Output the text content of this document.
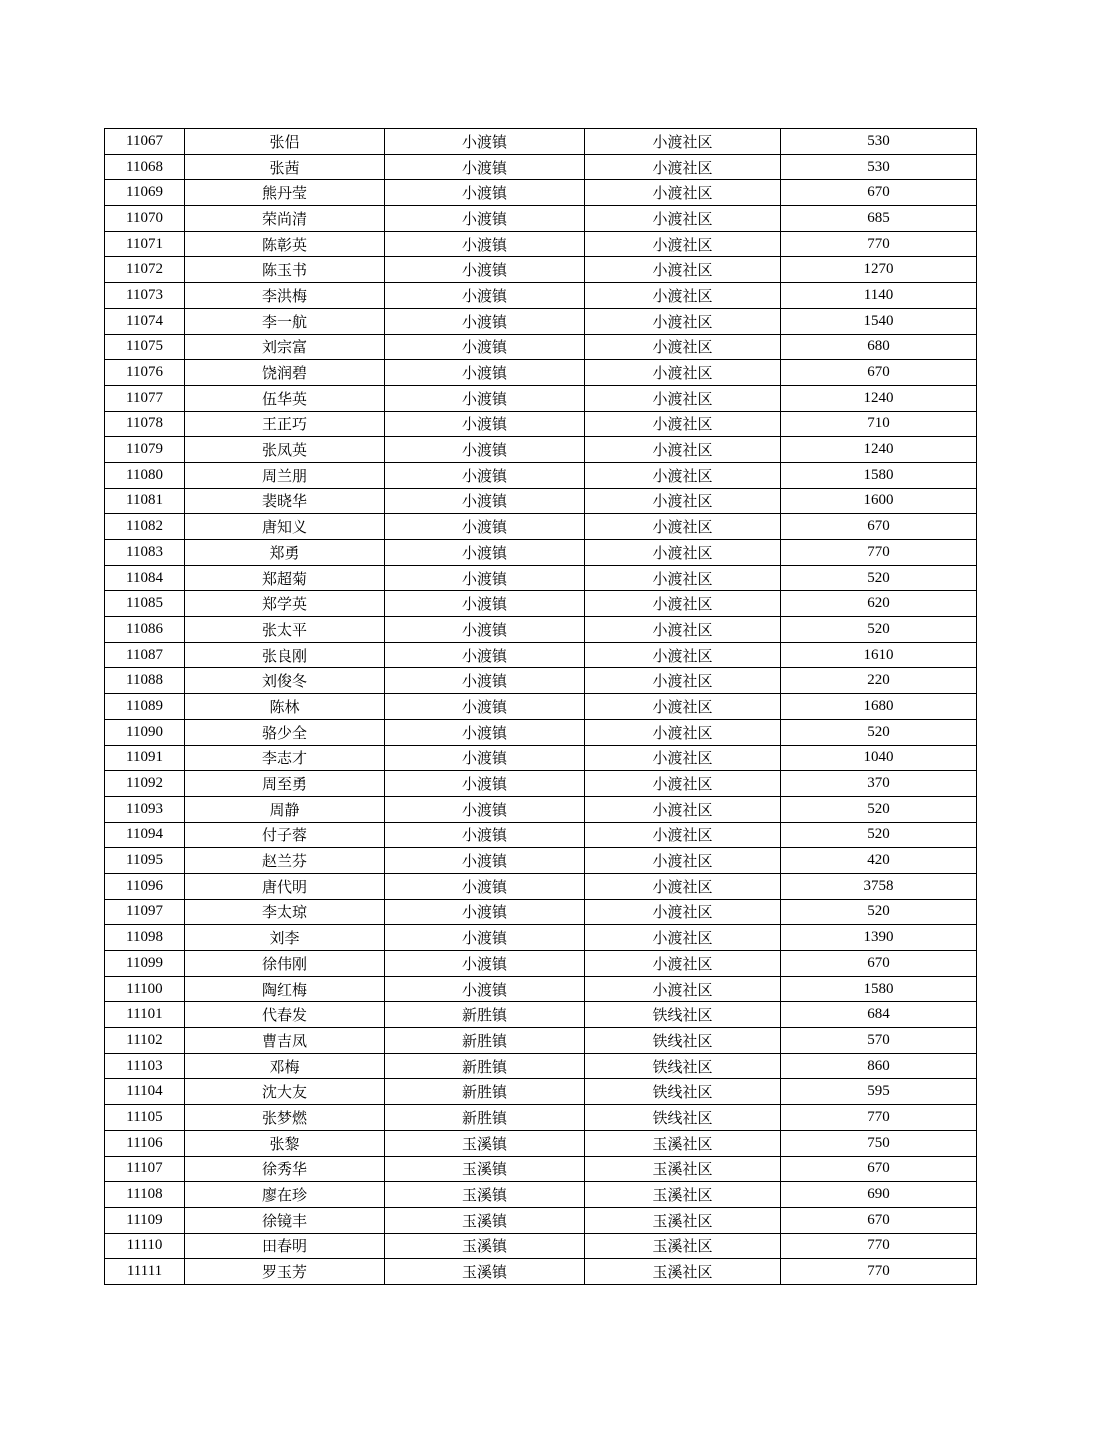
11067	张侣	小渡镇	小渡社区	530
11068	张茜	小渡镇	小渡社区	530
11069	熊丹莹	小渡镇	小渡社区	670
11070	荣尚清	小渡镇	小渡社区	685
11071	陈彰英	小渡镇	小渡社区	770
11072	陈玉书	小渡镇	小渡社区	1270
11073	李洪梅	小渡镇	小渡社区	1140
11074	李一航	小渡镇	小渡社区	1540
11075	刘宗富	小渡镇	小渡社区	680
11076	饶润碧	小渡镇	小渡社区	670
11077	伍华英	小渡镇	小渡社区	1240
11078	王正巧	小渡镇	小渡社区	710
11079	张凤英	小渡镇	小渡社区	1240
11080	周兰朋	小渡镇	小渡社区	1580
11081	裴晓华	小渡镇	小渡社区	1600
11082	唐知义	小渡镇	小渡社区	670
11083	郑勇	小渡镇	小渡社区	770
11084	郑超菊	小渡镇	小渡社区	520
11085	郑学英	小渡镇	小渡社区	620
11086	张太平	小渡镇	小渡社区	520
11087	张良刚	小渡镇	小渡社区	1610
11088	刘俊冬	小渡镇	小渡社区	220
11089	陈林	小渡镇	小渡社区	1680
11090	骆少全	小渡镇	小渡社区	520
11091	李志才	小渡镇	小渡社区	1040
11092	周至勇	小渡镇	小渡社区	370
11093	周静	小渡镇	小渡社区	520
11094	付子蓉	小渡镇	小渡社区	520
11095	赵兰芬	小渡镇	小渡社区	420
11096	唐代明	小渡镇	小渡社区	3758
11097	李太琼	小渡镇	小渡社区	520
11098	刘李	小渡镇	小渡社区	1390
11099	徐伟刚	小渡镇	小渡社区	670
11100	陶红梅	小渡镇	小渡社区	1580
11101	代春发	新胜镇	铁线社区	684
11102	曹吉凤	新胜镇	铁线社区	570
11103	邓梅	新胜镇	铁线社区	860
11104	沈大友	新胜镇	铁线社区	595
11105	张梦燃	新胜镇	铁线社区	770
11106	张黎	玉溪镇	玉溪社区	750
11107	徐秀华	玉溪镇	玉溪社区	670
11108	廖在珍	玉溪镇	玉溪社区	690
11109	徐镜丰	玉溪镇	玉溪社区	670
11110	田春明	玉溪镇	玉溪社区	770
11111	罗玉芳	玉溪镇	玉溪社区	770
